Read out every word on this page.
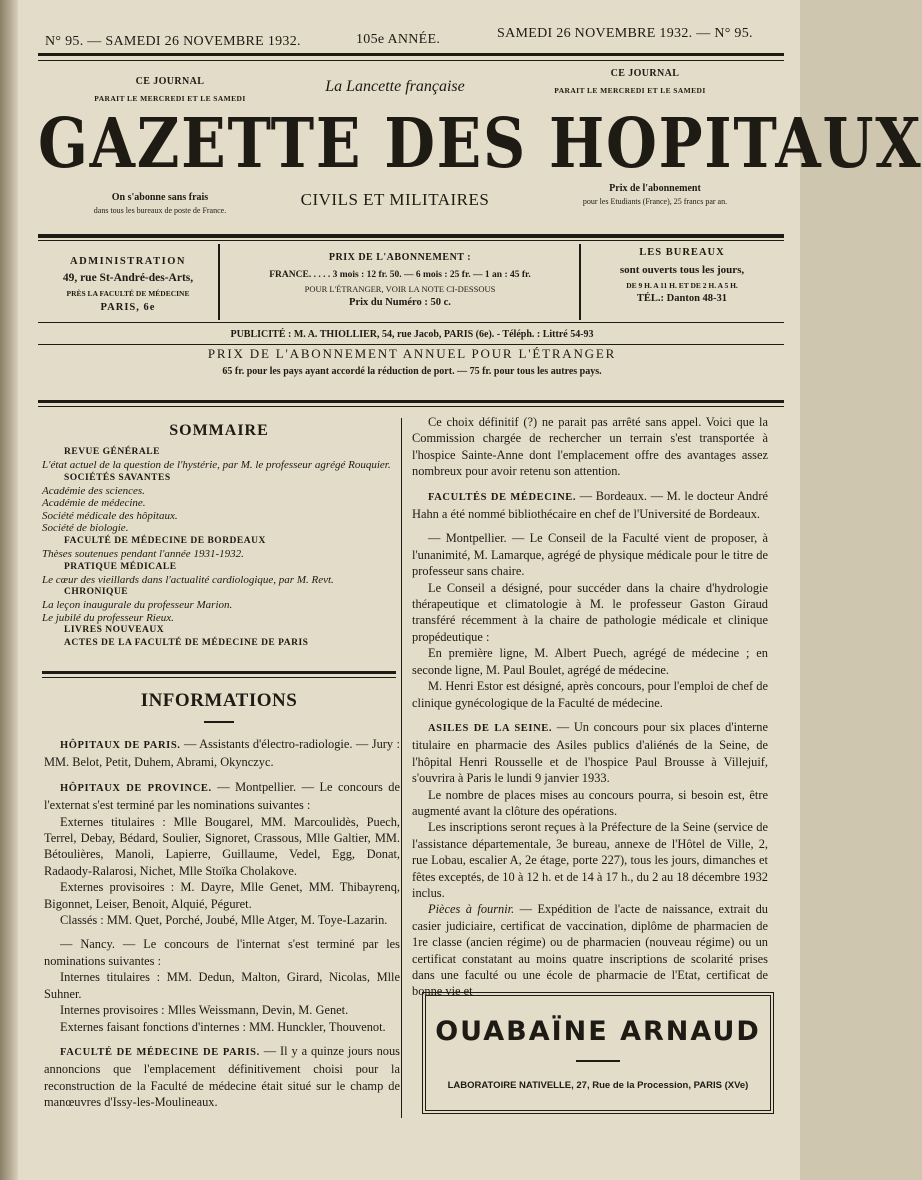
N° 95. — SAMEDI 26 NOVEMBRE 1932.	105e ANNÉE.	SAMEDI 26 NOVEMBRE 1932. — N° 95.
CE JOURNAL
PARAIT LE MERCREDI ET LE SAMEDI
La Lancette française
CE JOURNAL
PARAIT LE MERCREDI ET LE SAMEDI
GAZETTE DES HOPITAUX
On s'abonne sans frais
dans tous les bureaux de poste de France.
CIVILS ET MILITAIRES
Prix de l'abonnement
pour les Etudiants (France), 25 francs par an.
ADMINISTRATION
49, rue St-André-des-Arts,
PRÈS LA FACULTÉ DE MÉDECINE
PARIS, 6e
PRIX DE L'ABONNEMENT :
FRANCE. . . . . 3 mois : 12 fr. 50. — 6 mois : 25 fr. — 1 an : 45 fr.
POUR L'ÉTRANGER, VOIR LA NOTE CI-DESSOUS
Prix du Numéro : 50 c.
LES BUREAUX
sont ouverts tous les jours,
DE 9 H. A 11 H. ET DE 2 H. A 5 H.
TÉL.: Danton 48-31
PUBLICITÉ : M. A. THIOLLIER, 54, rue Jacob, PARIS (6e). - Téléph. : Littré 54-93
PRIX DE L'ABONNEMENT ANNUEL POUR L'ÉTRANGER
65 fr. pour les pays ayant accordé la réduction de port. — 75 fr. pour tous les autres pays.
SOMMAIRE

REVUE GÉNÉRALE

L'état actuel de la question de l'hystérie, par M. le professeur agrégé Rouquier.

SOCIÉTÉS SAVANTES

Académie des sciences.

Académie de médecine.

Société médicale des hôpitaux.

Société de biologie.

FACULTÉ DE MÉDECINE DE BORDEAUX

Thèses soutenues pendant l'année 1931-1932.

PRATIQUE MÉDICALE

Le cœur des vieillards dans l'actualité cardiologique, par M. Revt.

CHRONIQUE

La leçon inaugurale du professeur Marion.

Le jubilé du professeur Rieux.

LIVRES NOUVEAUX

ACTES DE LA FACULTÉ DE MÉDECINE DE PARIS

INFORMATIONS

HÔPITAUX DE PARIS. — Assistants d'électro-radiologie. — Jury : MM. Belot, Petit, Duhem, Abrami, Okynczyc.

HÔPITAUX DE PROVINCE. — Montpellier. — Le concours de l'externat s'est terminé par les nominations suivantes :

Externes titulaires : Mlle Bougarel, MM. Marcoulidès, Puech, Terrel, Debay, Bédard, Soulier, Signoret, Crassous, Mlle Galtier, MM. Bétoulières, Manoli, Lapierre, Guillaume, Vedel, Egg, Donat, Radaody-Ralarosi, Nichet, Mlle Stoïka Cholakove.

Externes provisoires : M. Dayre, Mlle Genet, MM. Thibayrenq, Bigonnet, Leiser, Benoit, Alquié, Péguret.

Classés : MM. Quet, Porché, Joubé, Mlle Atger, M. Toye-Lazarin.

— Nancy. — Le concours de l'internat s'est terminé par les nominations suivantes :

Internes titulaires : MM. Dedun, Malton, Girard, Nicolas, Mlle Suhner.

Internes provisoires : Mlles Weissmann, Devin, M. Genet.

Externes faisant fonctions d'internes : MM. Hunckler, Thouvenot.

FACULTÉ DE MÉDECINE DE PARIS. — Il y a quinze jours nous annoncions que l'emplacement définitivement choisi pour la reconstruction de la Faculté de médecine était situé sur le champ de manœuvres d'Issy-les-Moulineaux.

Ce choix définitif (?) ne parait pas arrêté sans appel. Voici que la Commission chargée de rechercher un terrain s'est transportée à l'hospice Sainte-Anne dont l'emplacement offre des avantages assez nombreux pour avoir retenu son attention.

FACULTÉS DE MÉDECINE. — Bordeaux. — M. le docteur André Hahn a été nommé bibliothécaire en chef de l'Université de Bordeaux.

— Montpellier. — Le Conseil de la Faculté vient de proposer, à l'unanimité, M. Lamarque, agrégé de physique médicale pour le titre de professeur sans chaire.

Le Conseil a désigné, pour succéder dans la chaire d'hydrologie thérapeutique et climatologie à M. le professeur Gaston Giraud transféré récemment à la chaire de pathologie médicale et clinique propédeutique :

En première ligne, M. Albert Puech, agrégé de médecine ; en seconde ligne, M. Paul Boulet, agrégé de médecine.

M. Henri Estor est désigné, après concours, pour l'emploi de chef de clinique gynécologique de la Faculté de médecine.

ASILES DE LA SEINE. — Un concours pour six places d'interne titulaire en pharmacie des Asiles publics d'aliénés de la Seine, de l'hôpital Henri Rousselle et de l'hospice Paul Brousse à Villejuif, s'ouvrira à Paris le lundi 9 janvier 1933.

Le nombre de places mises au concours pourra, si besoin est, être augmenté avant la clôture des opérations.

Les inscriptions seront reçues à la Préfecture de la Seine (service de l'assistance départementale, 3e bureau, annexe de l'Hôtel de Ville, 2, rue Lobau, escalier A, 2e étage, porte 227), tous les jours, dimanches et fêtes exceptés, de 10 à 12 h. et de 14 à 17 h., du 2 au 18 décembre 1932 inclus.

Pièces à fournir. — Expédition de l'acte de naissance, extrait du casier judiciaire, certificat de vaccination, diplôme de pharmacien de 1re classe (ancien régime) ou de pharmacien (nouveau régime) ou un certificat constatant au moins quatre inscriptions de scolarité prises dans une faculté ou une école de pharmacie de l'Etat, certificat de bonne vie et

OUABAÏNE ARNAUD
LABORATOIRE NATIVELLE, 27, Rue de la Procession, PARIS (XVe)
